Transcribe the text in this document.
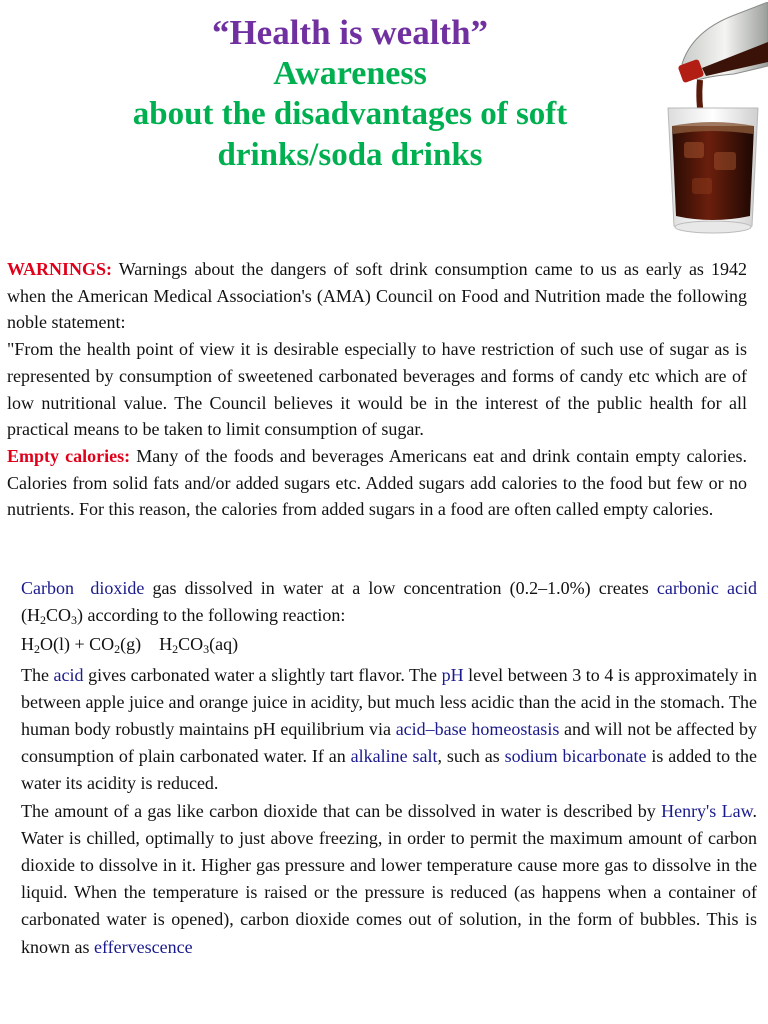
“Health is wealth”
Awareness
about the disadvantages of soft
drinks/soda drinks

WARNINGS: Warnings about the dangers of soft drink consumption came to us as early as 1942 when the American Medical Association's (AMA) Council on Food and Nutrition made the following noble statement:

"From the health point of view it is desirable especially to have restriction of such use of sugar as is represented by consumption of sweetened carbonated beverages and forms of candy etc which are of low nutritional value. The Council believes it would be in the interest of the public health for all practical means to be taken to limit consumption of sugar.

Empty calories: Many of the foods and beverages Americans eat and drink contain empty calories. Calories from solid fats and/or added sugars etc. Added sugars add calories to the food but few or no nutrients. For this reason, the calories from added sugars in a food are often called empty calories.

Carbon dioxide gas dissolved in water at a low concentration (0.2–1.0%) creates carbonic acid $(H_2CO_3)$ according to the following reaction:

$H_2O(l) + CO_2(g)$ $H_2CO_3(aq)$

The acid gives carbonated water a slightly tart flavor. The pH level between 3 to 4 is approximately in between apple juice and orange juice in acidity, but much less acidic than the acid in the stomach. The human body robustly maintains pH equilibrium via acid–base homeostasis and will not be affected by consumption of plain carbonated water. If an alkaline salt, such as sodium bicarbonate is added to the water its acidity is reduced.

The amount of a gas like carbon dioxide that can be dissolved in water is described by Henry's Law. Water is chilled, optimally to just above freezing, in order to permit the maximum amount of carbon dioxide to dissolve in it. Higher gas pressure and lower temperature cause more gas to dissolve in the liquid. When the temperature is raised or the pressure is reduced (as happens when a container of carbonated water is opened), carbon dioxide comes out of solution, in the form of bubbles. This is known as effervescence
